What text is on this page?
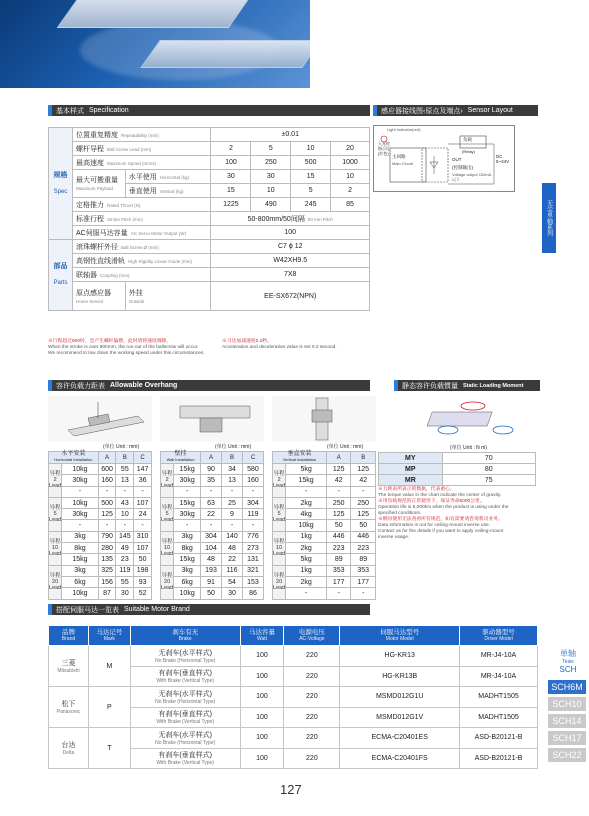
基本样式 Specification	感应器接线图‹原点及端点› Sensor Layout
规格
Spec	位置重复精度 Repeatability (mm)		±0.01			
	螺杆导程 Ball Screw Lead (mm)		2	5	10	20
	最高速度 Maximum Speed (mm/s)		100	250	500	1000
	最大可搬重量
Maximum Payload	水平使用 Horizontal (kg)	30	30	15	10
		垂直使用 Vertical (kg)	15	10	5	2
	定格推力 Rated Thrust (N)		1225	490	245	85
	标准行程 Stroke Pitch (mm)		50-800mm/50间隔 50 mm Pitch			
	AC伺服马达容量 AC Servo Motor Output (W)		100			
部品
Parts	滚珠螺杆外径 Ball Screw Ø (mm)		C7 ϕ 12			
	高钢性直线滑轨 High Rigidity Linear Guide (mm)		W42XH9.5			
	联轴器 Coupling (mm)		7X8			
	原点感应器
Home Sensor	外挂
Outside	EE-SX672(NPN)			
※行程超过600时，会产生螺杆偏摆，此时请将速度调降。
When the stroke is over 600mm, the run-out of the ballscrew will occur.
We recommend to low down the working speed under this circumstances.
※马达加减速度0.2秒。
Acceleration and deceleration value is set 0.2 second.
Light Indicator(red)
入光时指示灯(红色)
主回路
Main Circuit
负载
(Relay)
OUT
DC 5~24V
(控制输出)
Voltage output 100mA以下
无尘单轴系列
容许负载力距表 Allowable Overhang	静态容许负载惯量 Static Loading Moment
(单位 Unit : mm)
水平安装
Horizontal Installation		A	B	C
导程2 Lead	10kg	600	55	147
	30kg	160	13	36
	-	-	-	-
导程5 Lead	10kg	500	43	107
	30kg	125	10	24
	-	-	-	-
导程10 Lead	3kg	790	145	310
	8kg	280	49	107
	15kg	135	23	50
导程20 Lead	3kg	325	119	198
	6kg	156	55	93
	10kg	87	30	52
(单位 Unit : mm)
壁挂
Wall Installation		A	B	C
导程2 Lead	15kg	90	34	580
	30kg	35	13	160
	-	-	-	-
导程5 Lead	15kg	63	25	304
	30kg	22	9	119
	-	-	-	-
导程10 Lead	3kg	304	140	776
	8kg	104	48	273
	15kg	48	22	131
导程20 Lead	3kg	193	116	321
	6kg	91	54	153
	10kg	50	30	86
(单位 Unit : mm)
垂直安装
Vertical Installation		A	B
导程2 Lead	5kg	125	125
	15kg	42	42
	-	-	-
导程5 Lead	2kg	250	250
	4kg	125	125
	10kg	50	50
导程10 Lead	1kg	446	446
	2kg	223	223
	5kg	89	89
导程20 Lead	1kg	353	353
	2kg	177	177
	-	-	-
(单位 Unit : N m)
MY	70
MP	80
MR	75
※力距表所表示的数据，代表重心。
The torque value in the chart indicate the center of gravity.
※用负载规范的正常使用下，保证寿命5000公里。
Operation life is 5,000km when the product is using under the
specified conditions.
※倒吊使用无法查看所有规范，如有需要请咨询我司业务。
Data information is not for ceiling-mount inverse use.
Contact us for the details if you want to apply ceiling-mount
inverse usage.
搭配伺服马达一览表 Suitable Motor Brand
品牌
Brand	马达记号
Mark	刹车有无
Brake	马达容量
Watt	电源电压
AC-Voltage	伺服马达型号
Motor Model	驱动器型号
Driver Model

三菱
Mitsubishi	M	无刹车(水平样式)
No Brake (Horizontal Type)	100	220	HG-KR13	MR-J4-10A
		有刹车(垂直样式)
With Brake (Vertical Type)	100	220	HG-KR13B	MR-J4-10A
松下
Panasonic	P	无刹车(水平样式)
No Brake (Horizontal Type)	100	220	MSMD012G1U	MADHT1505
		有刹车(垂直样式)
With Brake (Vertical Type)	100	220	MSMD012G1V	MADHT1505
台达
Delta	T	无刹车(水平样式)
No Brake (Horizontal Type)	100	220	ECMA-C20401ES	ASD-B20121-B
		有刹车(垂直样式)
With Brake (Vertical Type)	100	220	ECMA-C20401FS	ASD-B20121-B
单轴
Tesis
SCH
SCH6M
SCH10
SCH14
SCH17
SCH22
127
